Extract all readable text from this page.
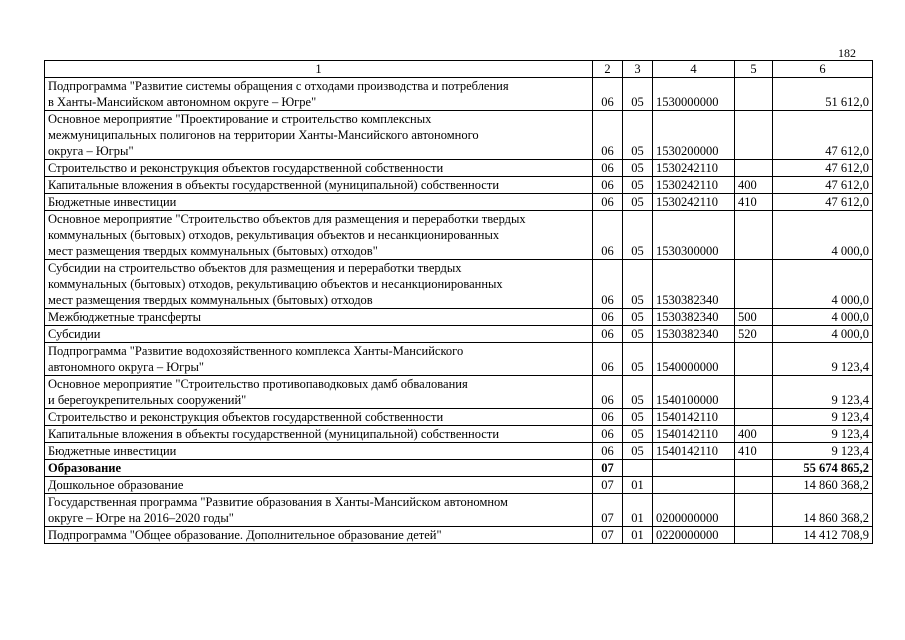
182
1	2	3	4	5	6
Подпрограмма "Развитие системы обращения с отходами производства и потребления
в Ханты-Мансийском автономном округе – Югре"	06	05	1530000000		51 612,0
Основное мероприятие "Проектирование и строительство комплексных
межмуниципальных полигонов на территории Ханты-Мансийского автономного
округа – Югры"	06	05	1530200000		47 612,0
Строительство и реконструкция объектов государственной собственности	06	05	1530242110		47 612,0
Капитальные вложения в объекты государственной (муниципальной) собственности	06	05	1530242110	400	47 612,0
Бюджетные инвестиции	06	05	1530242110	410	47 612,0
Основное мероприятие "Строительство объектов для размещения и переработки твердых
коммунальных (бытовых) отходов, рекультивация объектов и несанкционированных
мест размещения твердых коммунальных (бытовых) отходов"	06	05	1530300000		4 000,0
Субсидии на строительство объектов для размещения и переработки твердых
коммунальных (бытовых) отходов, рекультивацию объектов и несанкционированных
мест размещения твердых коммунальных (бытовых) отходов	06	05	1530382340		4 000,0
Межбюджетные трансферты	06	05	1530382340	500	4 000,0
Субсидии	06	05	1530382340	520	4 000,0
Подпрограмма "Развитие водохозяйственного комплекса Ханты-Мансийского
автономного округа – Югры"	06	05	1540000000		9 123,4
Основное мероприятие "Строительство противопаводковых дамб обвалования
и берегоукрепительных сооружений"	06	05	1540100000		9 123,4
Строительство и реконструкция объектов государственной собственности	06	05	1540142110		9 123,4
Капитальные вложения в объекты государственной (муниципальной) собственности	06	05	1540142110	400	9 123,4
Бюджетные инвестиции	06	05	1540142110	410	9 123,4
Образование	07				55 674 865,2
Дошкольное образование	07	01			14 860 368,2
Государственная программа "Развитие образования в Ханты-Мансийском автономном
округе – Югре на 2016–2020 годы"	07	01	0200000000		14 860 368,2
Подпрограмма "Общее образование. Дополнительное образование детей"	07	01	0220000000		14 412 708,9
